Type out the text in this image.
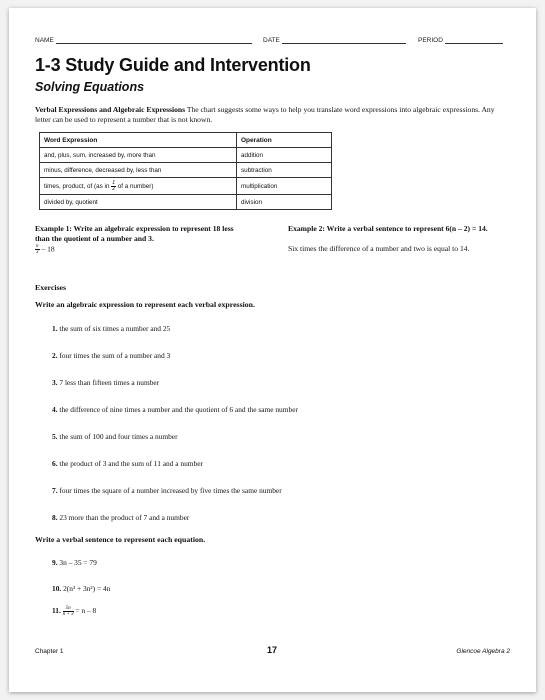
NAME	DATE	PERIOD
1-3 Study Guide and Intervention
Solving Equations
Verbal Expressions and Algebraic Expressions The chart suggests some ways to help you translate word expressions into algebraic expressions. Any letter can be used to represent a number that is not known.
Word Expression	Operation
and, plus, sum, increased by, more than	addition
minus, difference, decreased by, less than	subtraction
times, product, of (as in $\frac{1}{2}$ of a number)	multiplication
divided by, quotient	division
Example 1: Write an algebraic expression to represent 18 less than the quotient of a number and 3.
$\frac{n}{3} - 18$
Example 2: Write a verbal sentence to represent 6(n – 2) = 14.
Six times the difference of a number and two is equal to 14.
Exercises
Write an algebraic expression to represent each verbal expression.
1. the sum of six times a number and 25
2. four times the sum of a number and 3
3. 7 less than fifteen times a number
4. the difference of nine times a number and the quotient of 6 and the same number
5. the sum of 100 and four times a number
6. the product of 3 and the sum of 11 and a number
7. four times the square of a number increased by five times the same number
8. 23 more than the product of 7 and a number
Write a verbal sentence to represent each equation.
9. 3n – 35 = 79
10. 2(n³ + 3n²) = 4n
11. $\frac{5n}{n + 3} = n - 8$
Chapter 1	17	Glencoe Algebra 2
